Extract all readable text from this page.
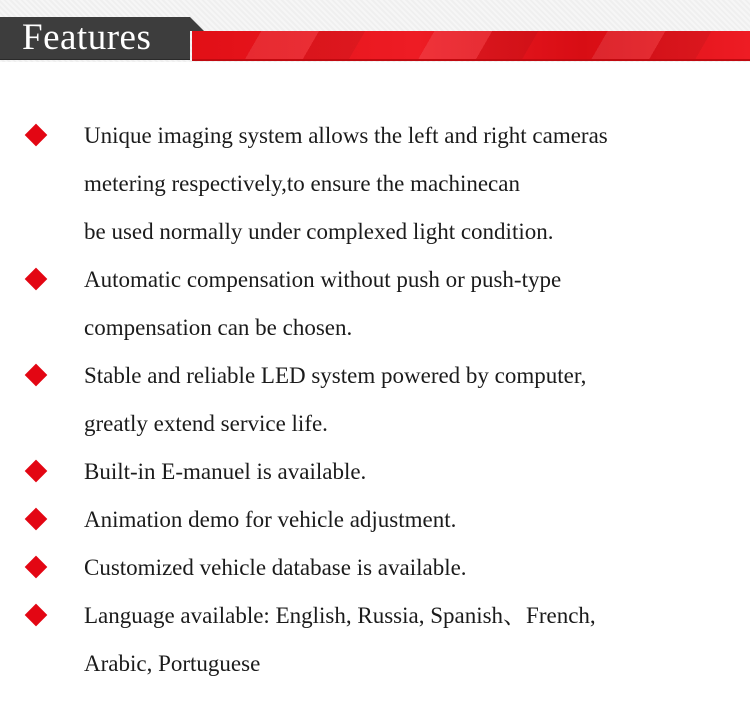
Features
Unique imaging system allows the left and right cameras
metering respectively,to ensure the machinecan
be used normally under complexed light condition.
Automatic compensation without push or push-type
compensation can be chosen.
Stable and reliable LED system powered by computer,
greatly extend service life.
Built-in E-manuel is available.
Animation demo for vehicle adjustment.
Customized vehicle database is available.
Language available: English, Russia, Spanish、French,
Arabic, Portuguese
